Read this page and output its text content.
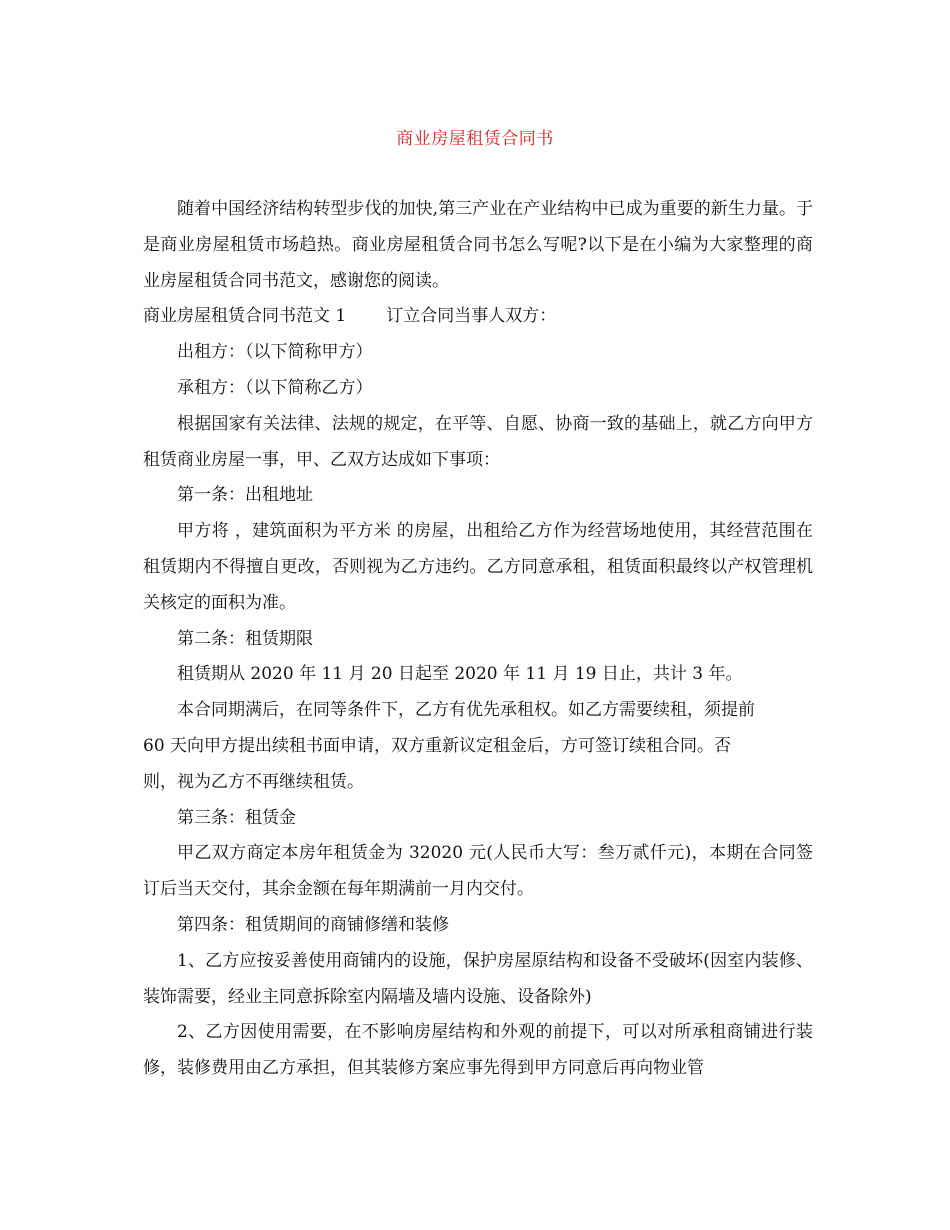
商业房屋租赁合同书

随着中国经济结构转型步伐的加快,第三产业在产业结构中已成为重要的新生力量。于是商业房屋租赁市场趋热。商业房屋租赁合同书怎么写呢?以下是在小编为大家整理的商业房屋租赁合同书范文，感谢您的阅读。

商业房屋租赁合同书范文 1 订立合同当事人双方：

出租方：（以下简称甲方）

承租方：（以下简称乙方）

根据国家有关法律、法规的规定，在平等、自愿、协商一致的基础上，就乙方向甲方租赁商业房屋一事，甲、乙双方达成如下事项：

第一条：出租地址

甲方将 ，建筑面积为平方米 的房屋，出租给乙方作为经营场地使用，其经营范围在租赁期内不得擅自更改，否则视为乙方违约。乙方同意承租，租赁面积最终以产权管理机关核定的面积为准。

第二条：租赁期限

租赁期从 2020 年 11 月 20 日起至 2020 年 11 月 19 日止，共计 3 年。

本合同期满后，在同等条件下，乙方有优先承租权。如乙方需要续租，须提前

60 天向甲方提出续租书面申请，双方重新议定租金后，方可签订续租合同。否

则，视为乙方不再继续租赁。

第三条：租赁金

甲乙双方商定本房年租赁金为 32020 元(人民币大写：叁万贰仟元)，本期在合同签订后当天交付，其余金额在每年期满前一月内交付。

第四条：租赁期间的商铺修缮和装修

1、乙方应按妥善使用商铺内的设施，保护房屋原结构和设备不受破坏(因室内装修、装饰需要，经业主同意拆除室内隔墙及墙内设施、设备除外)

2、乙方因使用需要，在不影响房屋结构和外观的前提下，可以对所承租商铺进行装修，装修费用由乙方承担，但其装修方案应事先得到甲方同意后再向物业管
